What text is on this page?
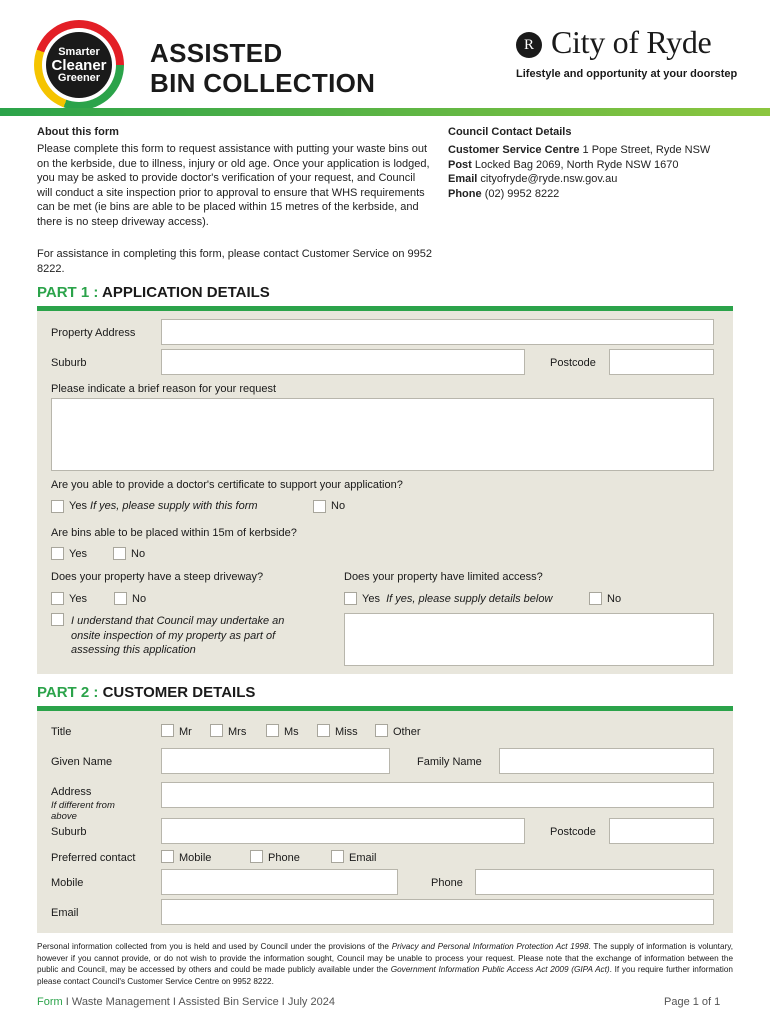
Smarter
Cleaner
Greener
ASSISTED
BIN COLLECTION
R City of Ryde
Lifestyle and opportunity at your doorstep
About this form
Please complete this form to request assistance with putting your waste bins out on the kerbside, due to illness, injury or old age. Once your application is lodged, you may be asked to provide doctor's verification of your request, and Council will conduct a site inspection prior to approval to ensure that WHS requirements can be met (ie bins are able to be placed within 15 metres of the kerbside, and there is no steep driveway access).
For assistance in completing this form, please contact Customer Service on 9952 8222.
Council Contact Details
Customer Service Centre 1 Pope Street, Ryde NSW
Post Locked Bag 2069, North Ryde NSW 1670
Email cityofryde@ryde.nsw.gov.au
Phone (02) 9952 8222
PART 1 : APPLICATION DETAILS
Property Address
Suburb	Postcode
Please indicate a brief reason for your request
Are you able to provide a doctor's certificate to support your application?
Yes If yes, please supply with this form	No
Are bins able to be placed within 15m of kerbside?
Yes	No
Does your property have a steep driveway?
Yes	No
Does your property have limited access?
Yes If yes, please supply details below	No
I understand that Council may undertake an
onsite inspection of my property as part of
assessing this application
PART 2 : CUSTOMER DETAILS
Title	Mr	Mrs	Ms	Miss	Other
Given Name	Family Name
Address
If different from
above
Suburb	Postcode
Preferred contact	Mobile	Phone	Email
Mobile	Phone
Email
Personal information collected from you is held and used by Council under the provisions of the Privacy and Personal Information Protection Act 1998. The supply of information is voluntary, however if you cannot provide, or do not wish to provide the information sought, Council may be unable to process your request. Please note that the exchange of information between the public and Council, may be accessed by others and could be made publicly available under the Government Information Public Access Act 2009 (GIPA Act). If you require further information please contact Council's Customer Service Centre on 9952 8222.
Form I Waste Management I Assisted Bin Service I July 2024	Page 1 of 1
